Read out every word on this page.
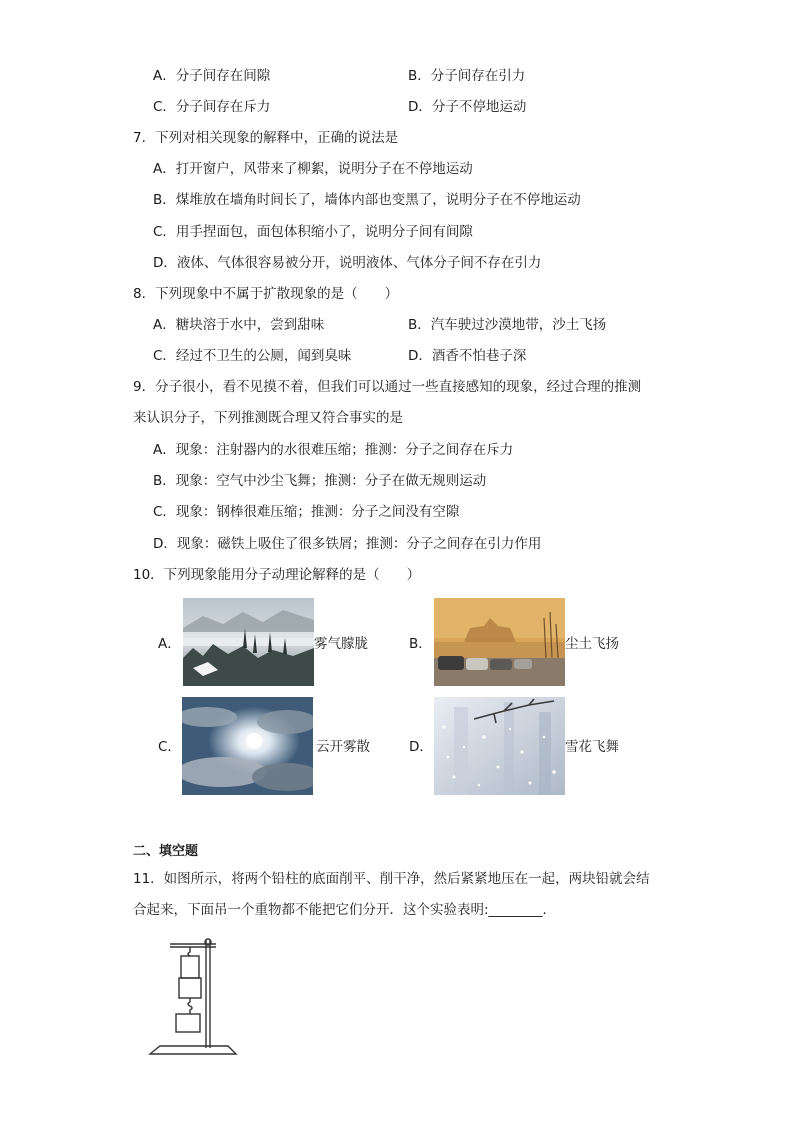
A．分子间存在间隙	B．分子间存在引力
C．分子间存在斥力	D．分子不停地运动
7．下列对相关现象的解释中，正确的说法是
A．打开窗户，风带来了柳絮，说明分子在不停地运动
B．煤堆放在墙角时间长了，墙体内部也变黑了，说明分子在不停地运动
C．用手捏面包，面包体积缩小了，说明分子间有间隙
D．液体、气体很容易被分开，说明液体、气体分子间不存在引力
8．下列现象中不属于扩散现象的是（　　）
A．糖块溶于水中，尝到甜味	B．汽车驶过沙漠地带，沙土飞扬
C．经过不卫生的公厕，闻到臭味	D．酒香不怕巷子深
9．分子很小，看不见摸不着，但我们可以通过一些直接感知的现象，经过合理的推测
来认识分子，下列推测既合理又符合事实的是
A．现象：注射器内的水很难压缩；推测：分子之间存在斥力
B．现象：空气中沙尘飞舞；推测：分子在做无规则运动
C．现象：钢棒很难压缩；推测：分子之间没有空隙
D．现象：磁铁上吸住了很多铁屑；推测：分子之间存在引力作用
10．下列现象能用分子动理论解释的是（　　）
A．	雾气朦胧	B．	尘土飞扬
C．	云开雾散	D．	雪花飞舞
二、填空题
11．如图所示，将两个铅柱的底面削平、削干净，然后紧紧地压在一起，两块铅就会结
合起来，下面吊一个重物都不能把它们分开．这个实验表明:________．
